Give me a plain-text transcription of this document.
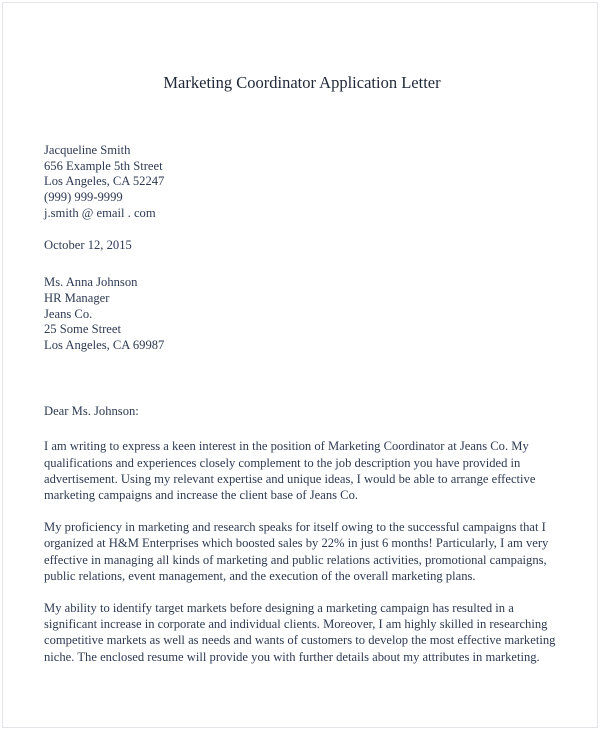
Marketing Coordinator Application Letter
Jacqueline Smith
656 Example 5th Street
Los Angeles, CA 52247
(999) 999-9999
j.smith @ email . com
October 12, 2015
Ms. Anna Johnson
HR Manager
Jeans Co.
25 Some Street
Los Angeles, CA 69987
Dear Ms. Johnson:

I am writing to express a keen interest in the position of Marketing Coordinator at Jeans Co. My qualifications and experiences closely complement to the job description you have provided in advertisement. Using my relevant expertise and unique ideas, I would be able to arrange effective marketing campaigns and increase the client base of Jeans Co.

My proficiency in marketing and research speaks for itself owing to the successful campaigns that I organized at H&M Enterprises which boosted sales by 22% in just 6 months! Particularly, I am very effective in managing all kinds of marketing and public relations activities, promotional campaigns, public relations, event management, and the execution of the overall marketing plans.

My ability to identify target markets before designing a marketing campaign has resulted in a significant increase in corporate and individual clients. Moreover, I am highly skilled in researching competitive markets as well as needs and wants of customers to develop the most effective marketing niche. The enclosed resume will provide you with further details about my attributes in marketing.
